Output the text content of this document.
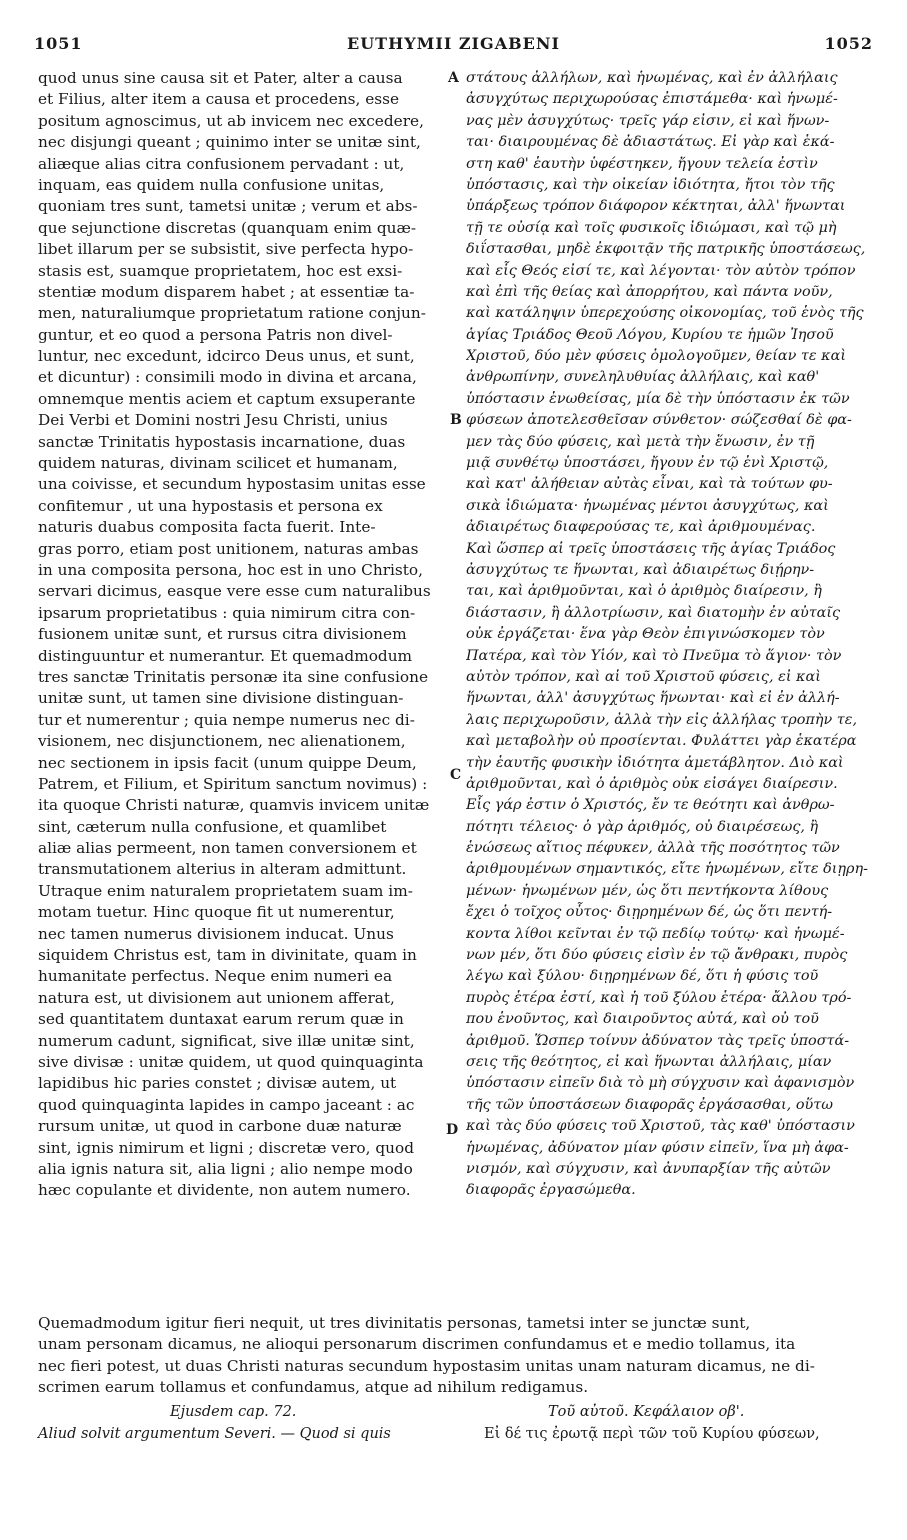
1051	EUTHYMII ZIGABENI	1052
quod unus sine causa sit et Pater, alter a causa
et Filius, alter item a causa et procedens, esse
positum agnoscimus, ut ab invicem nec excedere,
nec disjungi queant ; quinimo inter se unitæ sint,
aliæque alias citra confusionem pervadant : ut,
inquam, eas quidem nulla confusione unitas,
quoniam tres sunt, tametsi unitæ ; verum et abs-
que sejunctione discretas (quanquam enim quæ-
libet illarum per se subsistit, sive perfecta hypo-
stasis est, suamque proprietatem, hoc est exsi-
stentiæ modum disparem habet ; at essentiæ ta-
men, naturaliumque proprietatum ratione conjun-
guntur, et eo quod a persona Patris non divel-
luntur, nec excedunt, idcirco Deus unus, et sunt,
et dicuntur) : consimili modo in divina et arcana,
omnemque mentis aciem et captum exsuperante
Dei Verbi et Domini nostri Jesu Christi, unius
sanctæ Trinitatis hypostasis incarnatione, duas
quidem naturas, divinam scilicet et humanam,
una coivisse, et secundum hypostasim unitas esse
confitemur , ut una hypostasis et persona ex
naturis duabus composita facta fuerit. Inte-
gras porro, etiam post unitionem, naturas ambas
in una composita persona, hoc est in uno Christo,
servari dicimus, easque vere esse cum naturalibus
ipsarum proprietatibus : quia nimirum citra con-
fusionem unitæ sunt, et rursus citra divisionem
distinguuntur et numerantur. Et quemadmodum
tres sanctæ Trinitatis personæ ita sine confusione
unitæ sunt, ut tamen sine divisione distinguan-
tur et numerentur ; quia nempe numerus nec di-
visionem, nec disjunctionem, nec alienationem,
nec sectionem in ipsis facit (unum quippe Deum,
Patrem, et Filium, et Spiritum sanctum novimus) :
ita quoque Christi naturæ, quamvis invicem unitæ
sint, cæterum nulla confusione, et quamlibet
aliæ alias permeent, non tamen conversionem et
transmutationem alterius in alteram admittunt.
Utraque enim naturalem proprietatem suam im-
motam tuetur. Hinc quoque fit ut numerentur,
nec tamen numerus divisionem inducat. Unus
siquidem Christus est, tam in divinitate, quam in
humanitate perfectus. Neque enim numeri ea
natura est, ut divisionem aut unionem afferat,
sed quantitatem duntaxat earum rerum quæ in
numerum cadunt, significat, sive illæ unitæ sint,
sive divisæ : unitæ quidem, ut quod quinquaginta
lapidibus hic paries constet ; divisæ autem, ut
quod quinquaginta lapides in campo jaceant : ac
rursum unitæ, ut quod in carbone duæ naturæ
sint, ignis nimirum et ligni ; discretæ vero, quod
alia ignis natura sit, alia ligni ; alio nempe modo
hæc copulante et dividente, non autem numero.
στάτους ἀλλήλων, καὶ ἡνωμένας, καὶ ἐν ἀλλήλαις
ἀσυγχύτως περιχωρούσας ἐπιστάμεθα· καὶ ἡνωμέ-
νας μὲν ἀσυγχύτως· τρεῖς γάρ εἰσιν, εἰ καὶ ἥνων-
ται· διαιρουμένας δὲ ἀδιαστάτως. Εἰ γὰρ καὶ ἑκά-
στη καθ' ἑαυτὴν ὑφέστηκεν, ἤγουν τελεία ἐστὶν
ὑπόστασις, καὶ τὴν οἰκείαν ἰδιότητα, ἤτοι τὸν τῆς
ὑπάρξεως τρόπον διάφορον κέκτηται, ἀλλ' ἥνωνται
τῇ τε οὐσίᾳ καὶ τοῖς φυσικοῖς ἰδιώμασι, καὶ τῷ μὴ
διΐστασθαι, μηδὲ ἐκφοιτᾷν τῆς πατρικῆς ὑποστάσεως,
καὶ εἷς Θεός εἰσί τε, καὶ λέγονται· τὸν αὐτὸν τρόπον
καὶ ἐπὶ τῆς θείας καὶ ἀπορρήτου, καὶ πάντα νοῦν,
καὶ κατάληψιν ὑπερεχούσης οἰκονομίας, τοῦ ἑνὸς τῆς
ἁγίας Τριάδος Θεοῦ Λόγου, Κυρίου τε ἡμῶν Ἰησοῦ
Χριστοῦ, δύο μὲν φύσεις ὁμολογοῦμεν, θείαν τε καὶ
ἀνθρωπίνην, συνεληλυθυίας ἀλλήλαις, καὶ καθ'
ὑπόστασιν ἑνωθείσας, μία δὲ τὴν ὑπόστασιν ἐκ τῶν
φύσεων ἀποτελεσθεῖσαν σύνθετον· σώζεσθαί δὲ φα-
μεν τὰς δύο φύσεις, καὶ μετὰ τὴν ἕνωσιν, ἐν τῇ
μιᾷ συνθέτῳ ὑποστάσει, ἤγουν ἐν τῷ ἑνὶ Χριστῷ,
καὶ κατ' ἀλήθειαν αὐτὰς εἶναι, καὶ τὰ τούτων φυ-
σικὰ ἰδιώματα· ἡνωμένας μέντοι ἀσυγχύτως, καὶ
ἀδιαιρέτως διαφερούσας τε, καὶ ἀριθμουμένας.
Καὶ ὥσπερ αἱ τρεῖς ὑποστάσεις τῆς ἁγίας Τριάδος
ἀσυγχύτως τε ἥνωνται, καὶ ἀδιαιρέτως διῄρην-
ται, καὶ ἀριθμοῦνται, καὶ ὁ ἀριθμὸς διαίρεσιν, ἢ
διάστασιν, ἢ ἀλλοτρίωσιν, καὶ διατομὴν ἐν αὐταῖς
οὐκ ἐργάζεται· ἕνα γὰρ Θεὸν ἐπιγινώσκομεν τὸν
Πατέρα, καὶ τὸν Υἱόν, καὶ τὸ Πνεῦμα τὸ ἅγιον· τὸν
αὐτὸν τρόπον, καὶ αἱ τοῦ Χριστοῦ φύσεις, εἰ καὶ
ἥνωνται, ἀλλ' ἀσυγχύτως ἥνωνται· καὶ εἰ ἐν ἀλλή-
λαις περιχωροῦσιν, ἀλλὰ τὴν εἰς ἀλλήλας τροπὴν τε,
καὶ μεταβολὴν οὐ προσίενται. Φυλάττει γὰρ ἑκατέρα
τὴν ἑαυτῆς φυσικὴν ἰδιότητα ἀμετάβλητον. Διὸ καὶ
ἀριθμοῦνται, καὶ ὁ ἀριθμὸς οὐκ εἰσάγει διαίρεσιν.
Εἷς γάρ ἐστιν ὁ Χριστός, ἔν τε θεότητι καὶ ἀνθρω-
πότητι τέλειος· ὁ γὰρ ἀριθμός, οὐ διαιρέσεως, ἢ
ἑνώσεως αἴτιος πέφυκεν, ἀλλὰ τῆς ποσότητος τῶν
ἀριθμουμένων σημαντικός, εἴτε ἡνωμένων, εἴτε διῃρη-
μένων· ἡνωμένων μέν, ὡς ὅτι πεντήκοντα λίθους
ἔχει ὁ τοῖχος οὗτος· διῃρημένων δέ, ὡς ὅτι πεντή-
κοντα λίθοι κεῖνται ἐν τῷ πεδίῳ τούτῳ· καὶ ἡνωμέ-
νων μέν, ὅτι δύο φύσεις εἰσὶν ἐν τῷ ἄνθρακι, πυρὸς
λέγω καὶ ξύλου· διῃρημένων δέ, ὅτι ἡ φύσις τοῦ
πυρὸς ἑτέρα ἐστί, καὶ ἡ τοῦ ξύλου ἑτέρα· ἄλλου τρό-
που ἑνοῦντος, καὶ διαιροῦντος αὐτά, καὶ οὐ τοῦ
ἀριθμοῦ. Ὥσπερ τοίνυν ἀδύνατον τὰς τρεῖς ὑποστά-
σεις τῆς θεότητος, εἰ καὶ ἥνωνται ἀλλήλαις, μίαν
ὑπόστασιν εἰπεῖν διὰ τὸ μὴ σύγχυσιν καὶ ἀφανισμὸν
τῆς τῶν ὑποστάσεων διαφορᾶς ἐργάσασθαι, οὕτω
καὶ τὰς δύο φύσεις τοῦ Χριστοῦ, τὰς καθ' ὑπόστασιν
ἡνωμένας, ἀδύνατον μίαν φύσιν εἰπεῖν, ἵνα μὴ ἀφα-
νισμόν, καὶ σύγχυσιν, καὶ ἀνυπαρξίαν τῆς αὐτῶν
διαφορᾶς ἐργασώμεθα.
A
B
C
D
Quemadmodum igitur fieri nequit, ut tres divinitatis personas, tametsi inter se junctæ sunt,
unam personam dicamus, ne alioqui personarum discrimen confundamus et e medio tollamus, ita
nec fieri potest, ut duas Christi naturas secundum hypostasim unitas unam naturam dicamus, ne di-
scrimen earum tollamus et confundamus, atque ad nihilum redigamus.
Ejusdem cap. 72.	Τοῦ αὐτοῦ. Κεφάλαιον οβ'.
Aliud solvit argumentum Severi. — Quod si quis	Εἰ δέ τις ἐρωτᾷ περὶ τῶν τοῦ Κυρίου φύσεων,
